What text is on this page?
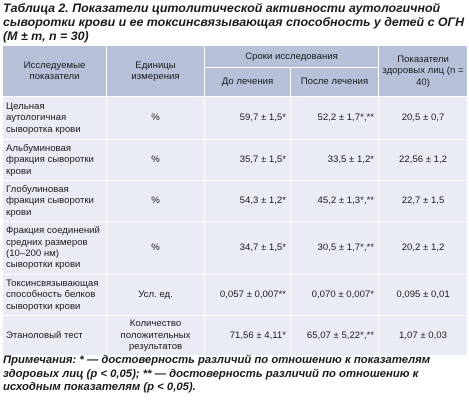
Таблица 2. Показатели цитолитической активности аутологичной сыворотки крови и ее токсинсвязывающая способность у детей с ОГН (M ± m, n = 30)
Исследуемые показатели	Единицы измерения	Сроки исследования		Показатели здоровых лиц (n = 40)
		До лечения	После лечения	
Цельная аутологичная сыворотка крови	%	59,7 ± 1,5*	52,2 ± 1,7*,**	20,5 ± 0,7
Альбуминовая фракция сыворотки крови	%	35,7 ± 1,5*	33,5 ± 1,2*	22,56 ± 1,2
Глобулиновая фракция сыворотки крови	%	54,3 ± 1,2*	45,2 ± 1,3*,**	22,7 ± 1,5
Фракция соединений средних размеров (10–200 нм) сыворотки крови	%	34,7 ± 1,5*	30,5 ± 1,7*,**	20,2 ± 1,2
Токсинсвязывающая способность белков сыворотки крови	Усл. ед.	0,057 ± 0,007**	0,070 ± 0,007*	0,095 ± 0,01
Этаноловый тест	Количество положительных результатов	71,56 ± 4,11*	65,07 ± 5,22*,**	1,07 ± 0,03
Примечания: * — достоверность различий по отношению к показателям здоровых лиц (p < 0,05); ** — достоверность различий по отношению к исходным показателям (p < 0,05).
